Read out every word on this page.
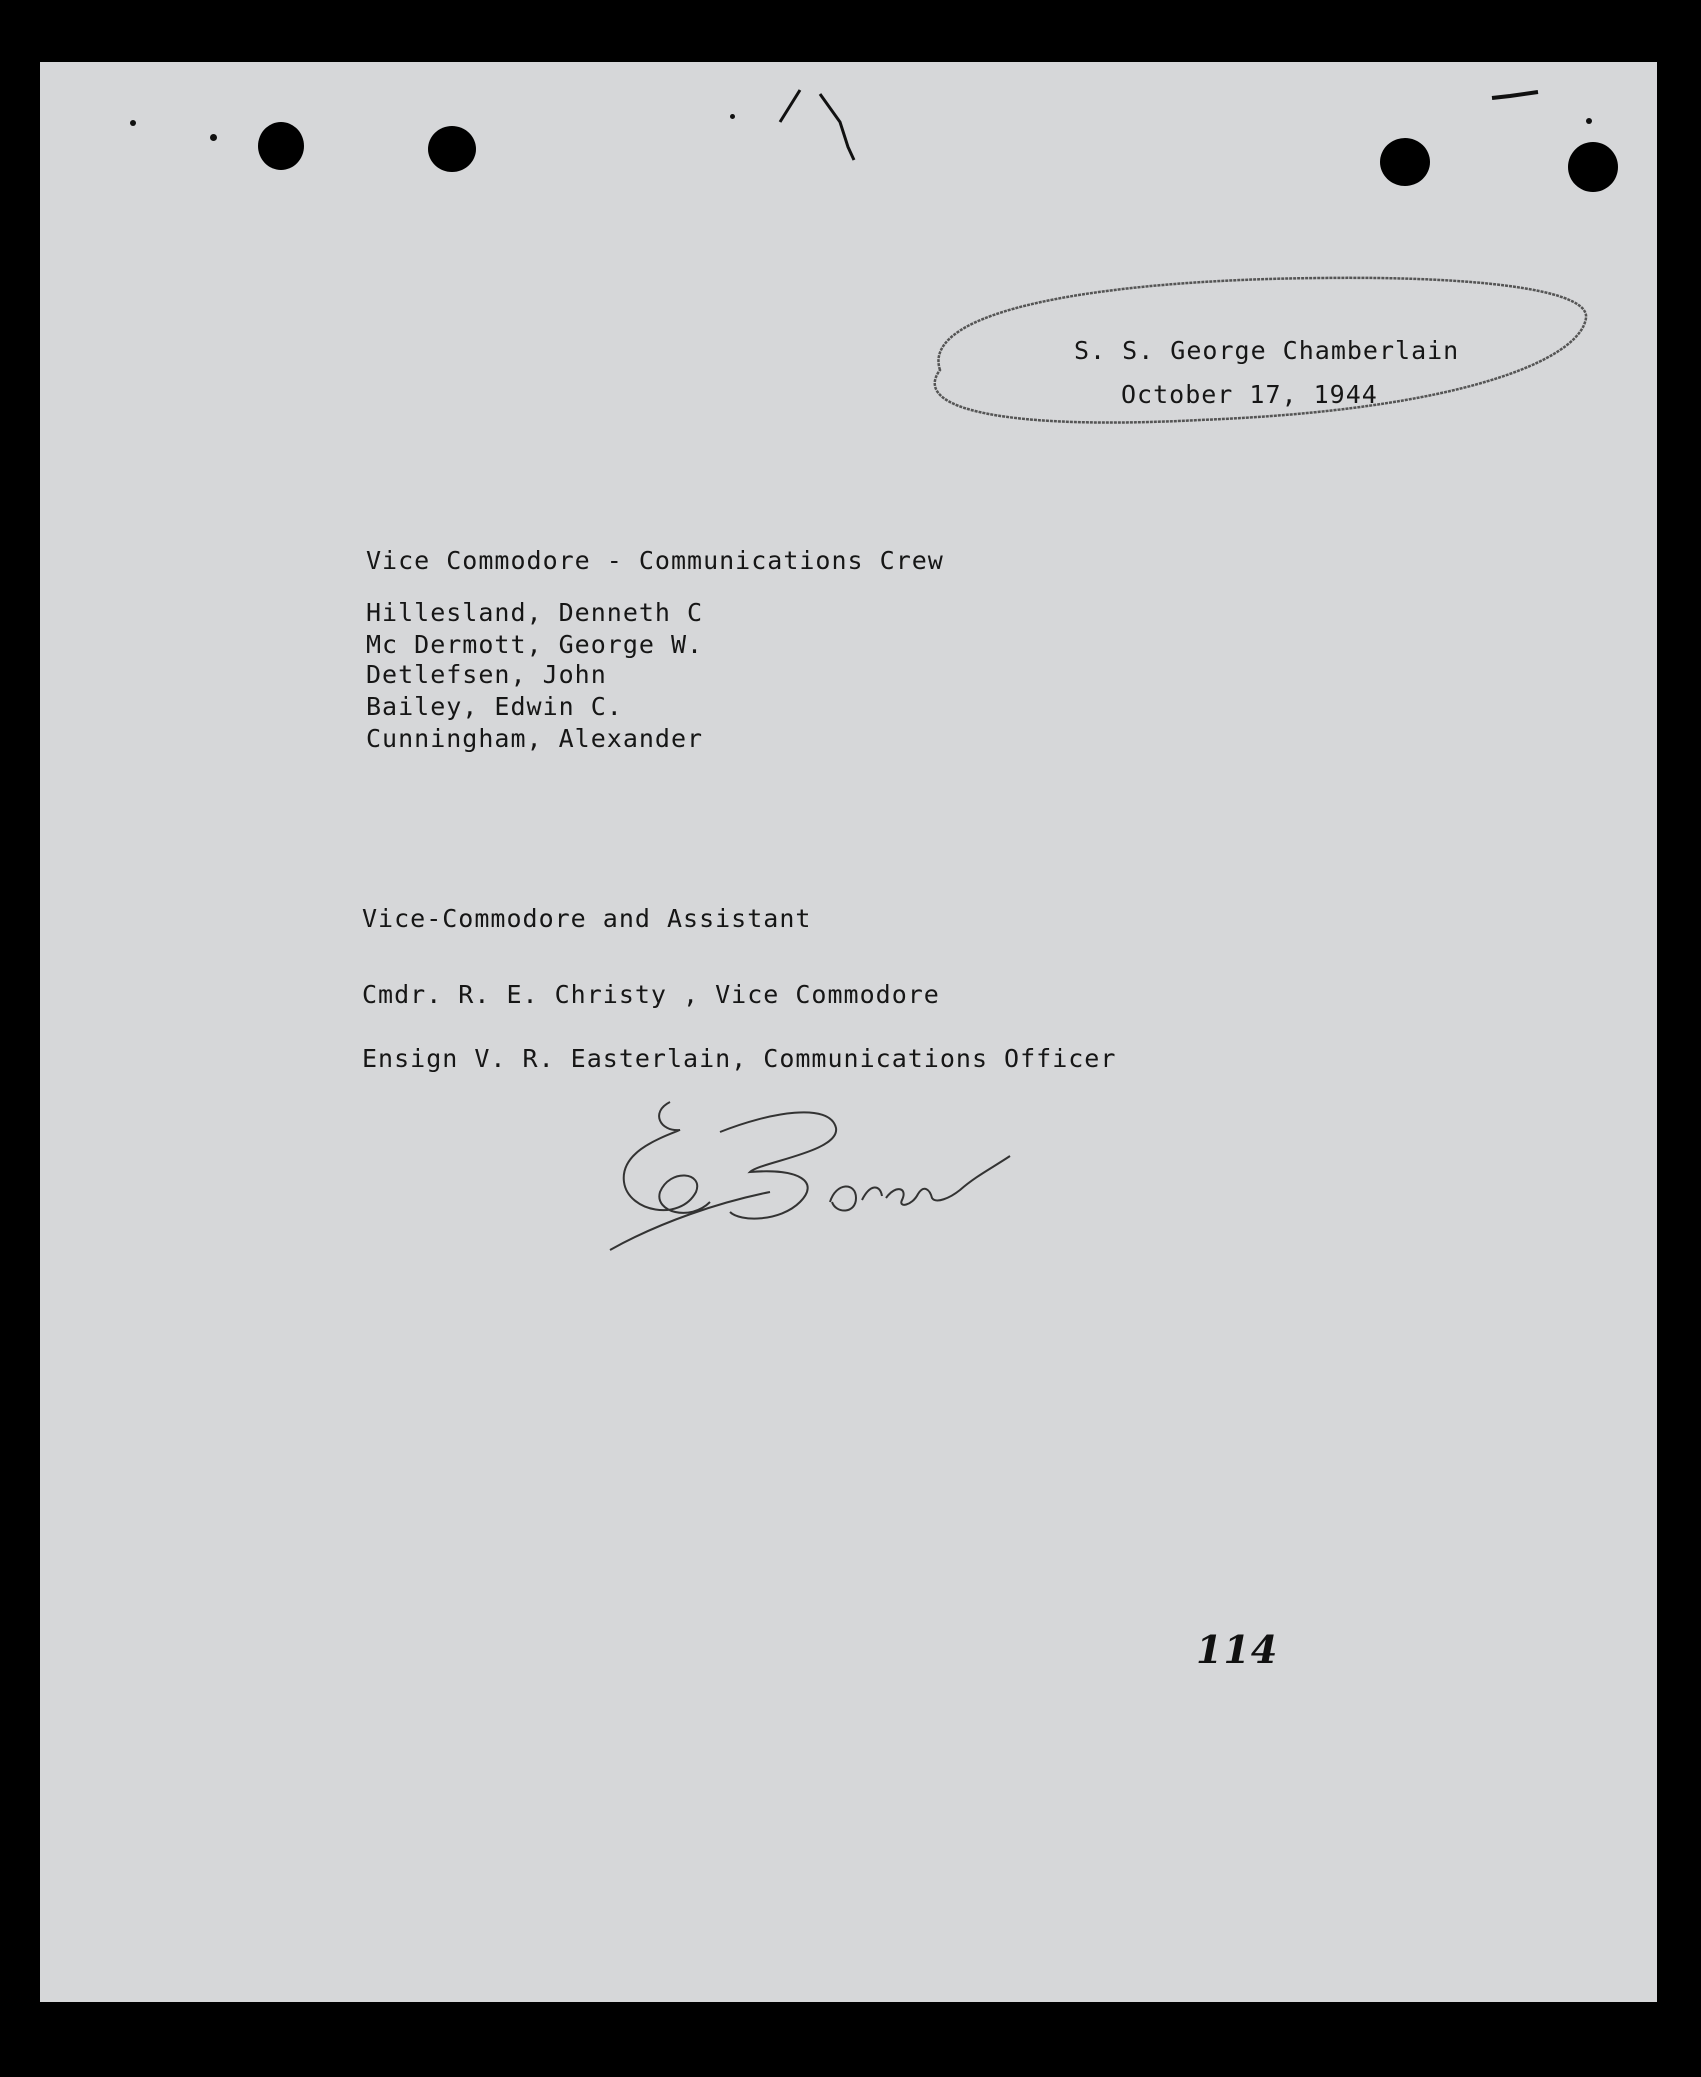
S. S. George Chamberlain
October 17, 1944
Vice Commodore - Communications Crew
Hillesland, Denneth C
Mc Dermott, George W.
Detlefsen, John
Bailey, Edwin C.
Cunningham, Alexander
Vice-Commodore and Assistant
Cmdr. R. E. Christy , Vice Commodore
Ensign V. R. Easterlain, Communications Officer
114
